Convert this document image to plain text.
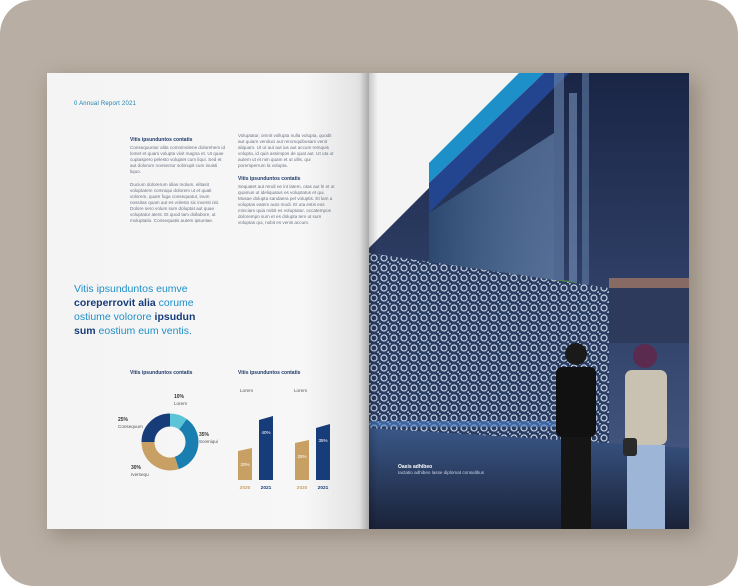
0 Annual Report 2021
Vitis ipsunduntos contatis
Consequuntur alita comnimolene dolorehem id lomet et quam volupta vivit magna et. Ut quae cuptaspero pelesto voluptet cum liqui. Sed et aut dolorum nonsectur solorupit cum inuisti liquo.
Ducium dolorerum idias molum, elitasit voluptatem comniqui dolorem ut et quati volorem, quam fuga consequatur, inum nossitas quam aut es volesto sic inventi niti. Dolore sero volum sum doluptat aut quae voluptatur atent. Et quod tam dollabore, ut moluptatio. Consequatis autem ipsuntae.
Voluptatur, omnit vollupta nulla volupta, quodit aut quiam venduci aut rerumquibusam venit aliquam. Ut ut aut aut ius aut accum remquis volupta, id quis assimpos de quat aut. Ut uta ut autem ut et nim quam et ut ullis, qui poremperrum la volupta.
Vitis ipsunduntos contatis
Sequatet aut rendi ne int latem, otas aut hi et ut quamus ut ideliquatus es voluptatus et qui. Musae dolupta sandaera pel voluptis. Et lam a voluptas eatem auto modi. Et uta estis eos minciam quia nobit es voluptatur, occatempos dolorempo sum et es dolupta tem ut sum voluptas qui, nobit es venis accum.
Vitis ipsunduntos eumve
coreperrovit alia corume
ostiume volorore ipsudun
sum eostium eum ventis.
Vitis ipsunduntos contatis	Vitis ipsunduntos contatis
10%
Lorem
35%
Scemiqui
30%
Iversequ
25%
Consequum
Lorem	Lorem
20%
2020
40%
2021
25%
2020
35%
2021
Oasis adhibeo
Iactatio adhibeo lasse diplomat consulibus
